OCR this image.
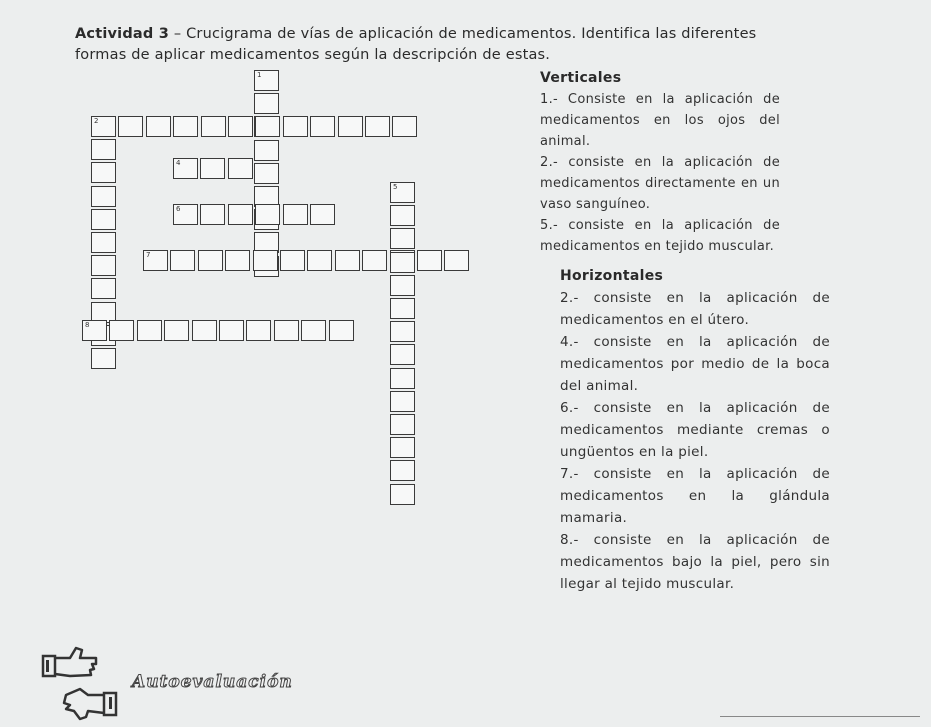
Actividad 3 – Crucigrama de vías de aplicación de medicamentos. Identifica las diferentes formas de aplicar medicamentos según la descripción de estas.
1
2
4
6
7
5
8
Verticales
1.- Consiste en la aplicación de medicamentos en los ojos del animal.
2.- consiste en la aplicación de medicamentos directamente en un vaso sanguíneo.
5.- consiste en la aplicación de medicamentos en tejido muscular.
Horizontales
2.- consiste en la aplicación de medicamentos en el útero.
4.- consiste en la aplicación de medicamentos por medio de la boca del animal.
6.- consiste en la aplicación de medicamentos mediante cremas o ungüentos en la piel.
7.- consiste en la aplicación de medicamentos en la glándula mamaria.
8.- consiste en la aplicación de medicamentos bajo la piel, pero sin llegar al tejido muscular.
Autoevaluación
